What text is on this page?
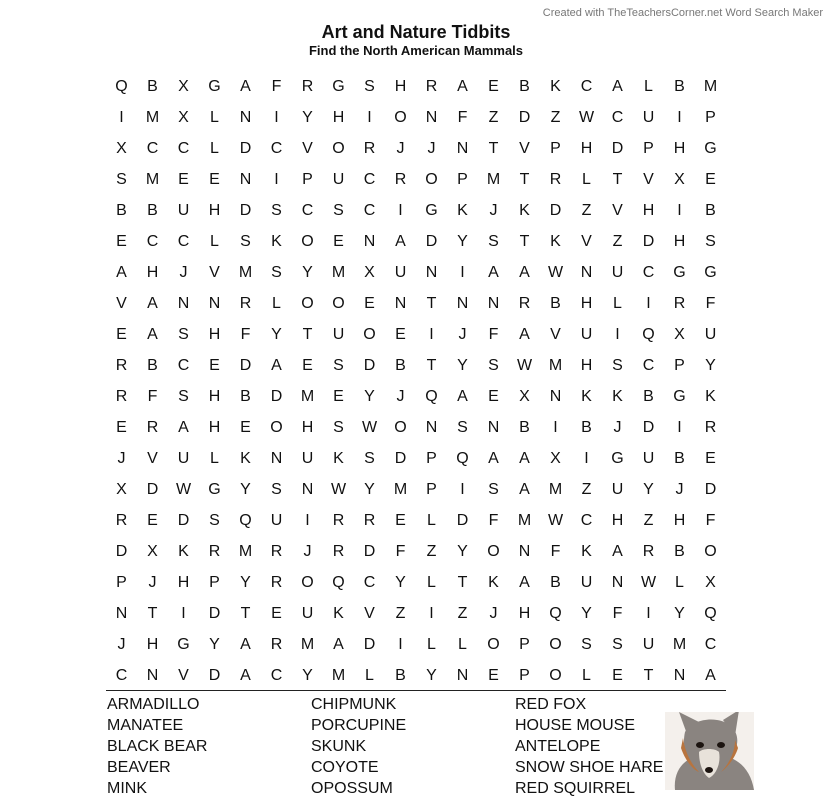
Created with TheTeachersCorner.net Word Search Maker
Art and Nature Tidbits
Find the North American Mammals
Q	B	X	G	A	F	R	G	S	H	R	A	E	B	K	C	A	L	B	M
I	M	X	L	N	I	Y	H	I	O	N	F	Z	D	Z	W	C	U	I	P
X	C	C	L	D	C	V	O	R	J	J	N	T	V	P	H	D	P	H	G
S	M	E	E	N	I	P	U	C	R	O	P	M	T	R	L	T	V	X	E
B	B	U	H	D	S	C	S	C	I	G	K	J	K	D	Z	V	H	I	B
E	C	C	L	S	K	O	E	N	A	D	Y	S	T	K	V	Z	D	H	S
A	H	J	V	M	S	Y	M	X	U	N	I	A	A	W	N	U	C	G	G
V	A	N	N	R	L	O	O	E	N	T	N	N	R	B	H	L	I	R	F
E	A	S	H	F	Y	T	U	O	E	I	J	F	A	V	U	I	Q	X	U
R	B	C	E	D	A	E	S	D	B	T	Y	S	W	M	H	S	C	P	Y
R	F	S	H	B	D	M	E	Y	J	Q	A	E	X	N	K	K	B	G	K
E	R	A	H	E	O	H	S	W	O	N	S	N	B	I	B	J	D	I	R
J	V	U	L	K	N	U	K	S	D	P	Q	A	A	X	I	G	U	B	E
X	D	W	G	Y	S	N	W	Y	M	P	I	S	A	M	Z	U	Y	J	D
R	E	D	S	Q	U	I	R	R	E	L	D	F	M	W	C	H	Z	H	F
D	X	K	R	M	R	J	R	D	F	Z	Y	O	N	F	K	A	R	B	O
P	J	H	P	Y	R	O	Q	C	Y	L	T	K	A	B	U	N	W	L	X
N	T	I	D	T	E	U	K	V	Z	I	Z	J	H	Q	Y	F	I	Y	Q
J	H	G	Y	A	R	M	A	D	I	L	L	O	P	O	S	S	U	M	C
C	N	V	D	A	C	Y	M	L	B	Y	N	E	P	O	L	E	T	N	A
ARMADILLO
MANATEE
BLACK BEAR
BEAVER
MINK
CHIPMUNK
PORCUPINE
SKUNK
COYOTE
OPOSSUM
RED FOX
HOUSE MOUSE
ANTELOPE
SNOW SHOE HARE
RED SQUIRREL
